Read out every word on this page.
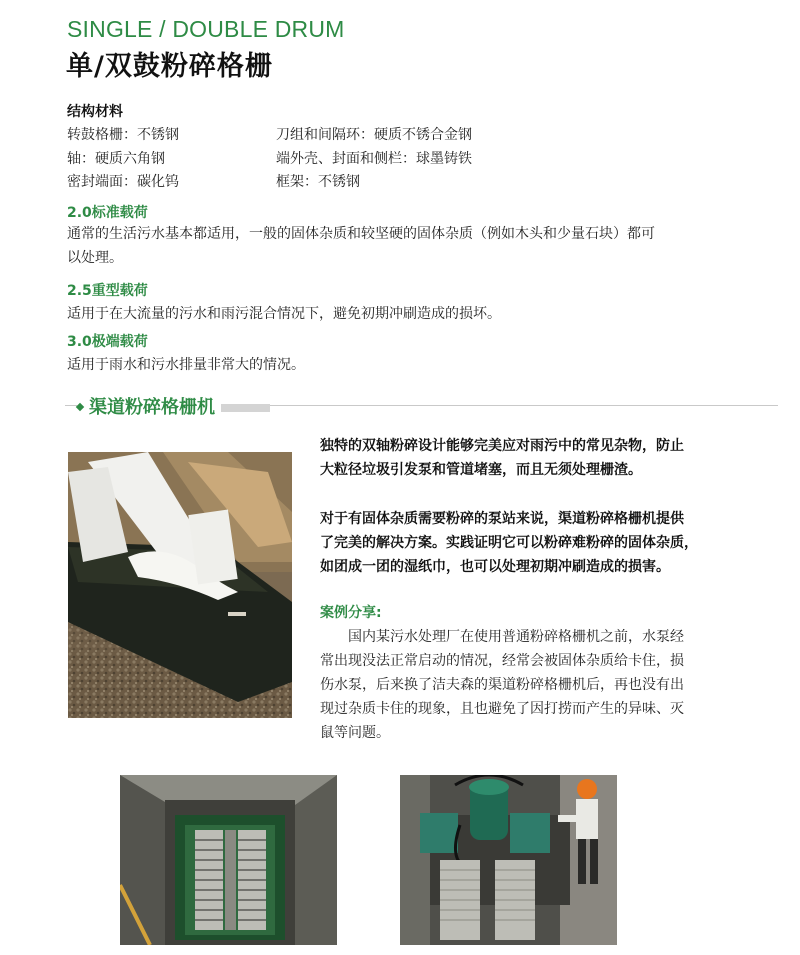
SINGLE / DOUBLE DRUM
单/双鼓粉碎格栅
结构材料
转鼓格栅：不锈钢
轴：硬质六角钢
密封端面：碳化钨
刀组和间隔环：硬质不锈合金钢
端外壳、封面和侧栏：球墨铸铁
框架：不锈钢
2.0标准载荷
通常的生活污水基本都适用，一般的固体杂质和较坚硬的固体杂质（例如木头和少量石块）都可
以处理。
2.5重型载荷
适用于在大流量的污水和雨污混合情况下，避免初期冲刷造成的损坏。
3.0极端载荷
适用于雨水和污水排量非常大的情况。
渠道粉碎格栅机
独特的双轴粉碎设计能够完美应对雨污中的常见杂物，防止
大粒径垃圾引发泵和管道堵塞，而且无须处理栅渣。
对于有固体杂质需要粉碎的泵站来说，渠道粉碎格栅机提供
了完美的解决方案。实践证明它可以粉碎难粉碎的固体杂质，
如团成一团的湿纸巾，也可以处理初期冲刷造成的损害。
案例分享:
　　国内某污水处理厂在使用普通粉碎格栅机之前，水泵经
常出现没法正常启动的情况，经常会被固体杂质给卡住，损
伤水泵，后来换了洁夫森的渠道粉碎格栅机后，再也没有出
现过杂质卡住的现象，且也避免了因打捞而产生的异味、灭
鼠等问题。
